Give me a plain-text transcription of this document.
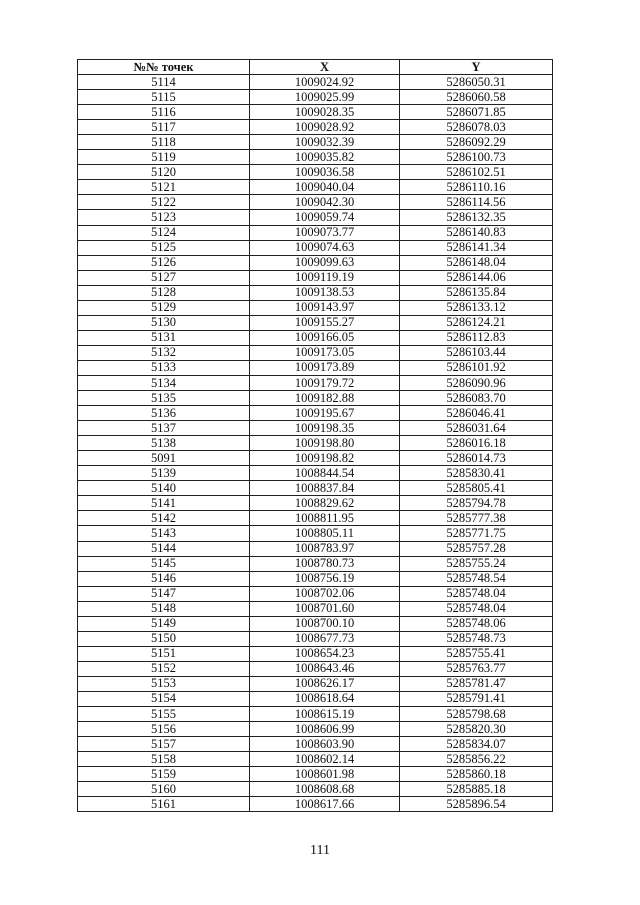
№№ точек	X	Y
5114	1009024.92	5286050.31
5115	1009025.99	5286060.58
5116	1009028.35	5286071.85
5117	1009028.92	5286078.03
5118	1009032.39	5286092.29
5119	1009035.82	5286100.73
5120	1009036.58	5286102.51
5121	1009040.04	5286110.16
5122	1009042.30	5286114.56
5123	1009059.74	5286132.35
5124	1009073.77	5286140.83
5125	1009074.63	5286141.34
5126	1009099.63	5286148.04
5127	1009119.19	5286144.06
5128	1009138.53	5286135.84
5129	1009143.97	5286133.12
5130	1009155.27	5286124.21
5131	1009166.05	5286112.83
5132	1009173.05	5286103.44
5133	1009173.89	5286101.92
5134	1009179.72	5286090.96
5135	1009182.88	5286083.70
5136	1009195.67	5286046.41
5137	1009198.35	5286031.64
5138	1009198.80	5286016.18
5091	1009198.82	5286014.73
5139	1008844.54	5285830.41
5140	1008837.84	5285805.41
5141	1008829.62	5285794.78
5142	1008811.95	5285777.38
5143	1008805.11	5285771.75
5144	1008783.97	5285757.28
5145	1008780.73	5285755.24
5146	1008756.19	5285748.54
5147	1008702.06	5285748.04
5148	1008701.60	5285748.04
5149	1008700.10	5285748.06
5150	1008677.73	5285748.73
5151	1008654.23	5285755.41
5152	1008643.46	5285763.77
5153	1008626.17	5285781.47
5154	1008618.64	5285791.41
5155	1008615.19	5285798.68
5156	1008606.99	5285820.30
5157	1008603.90	5285834.07
5158	1008602.14	5285856.22
5159	1008601.98	5285860.18
5160	1008608.68	5285885.18
5161	1008617.66	5285896.54
111
